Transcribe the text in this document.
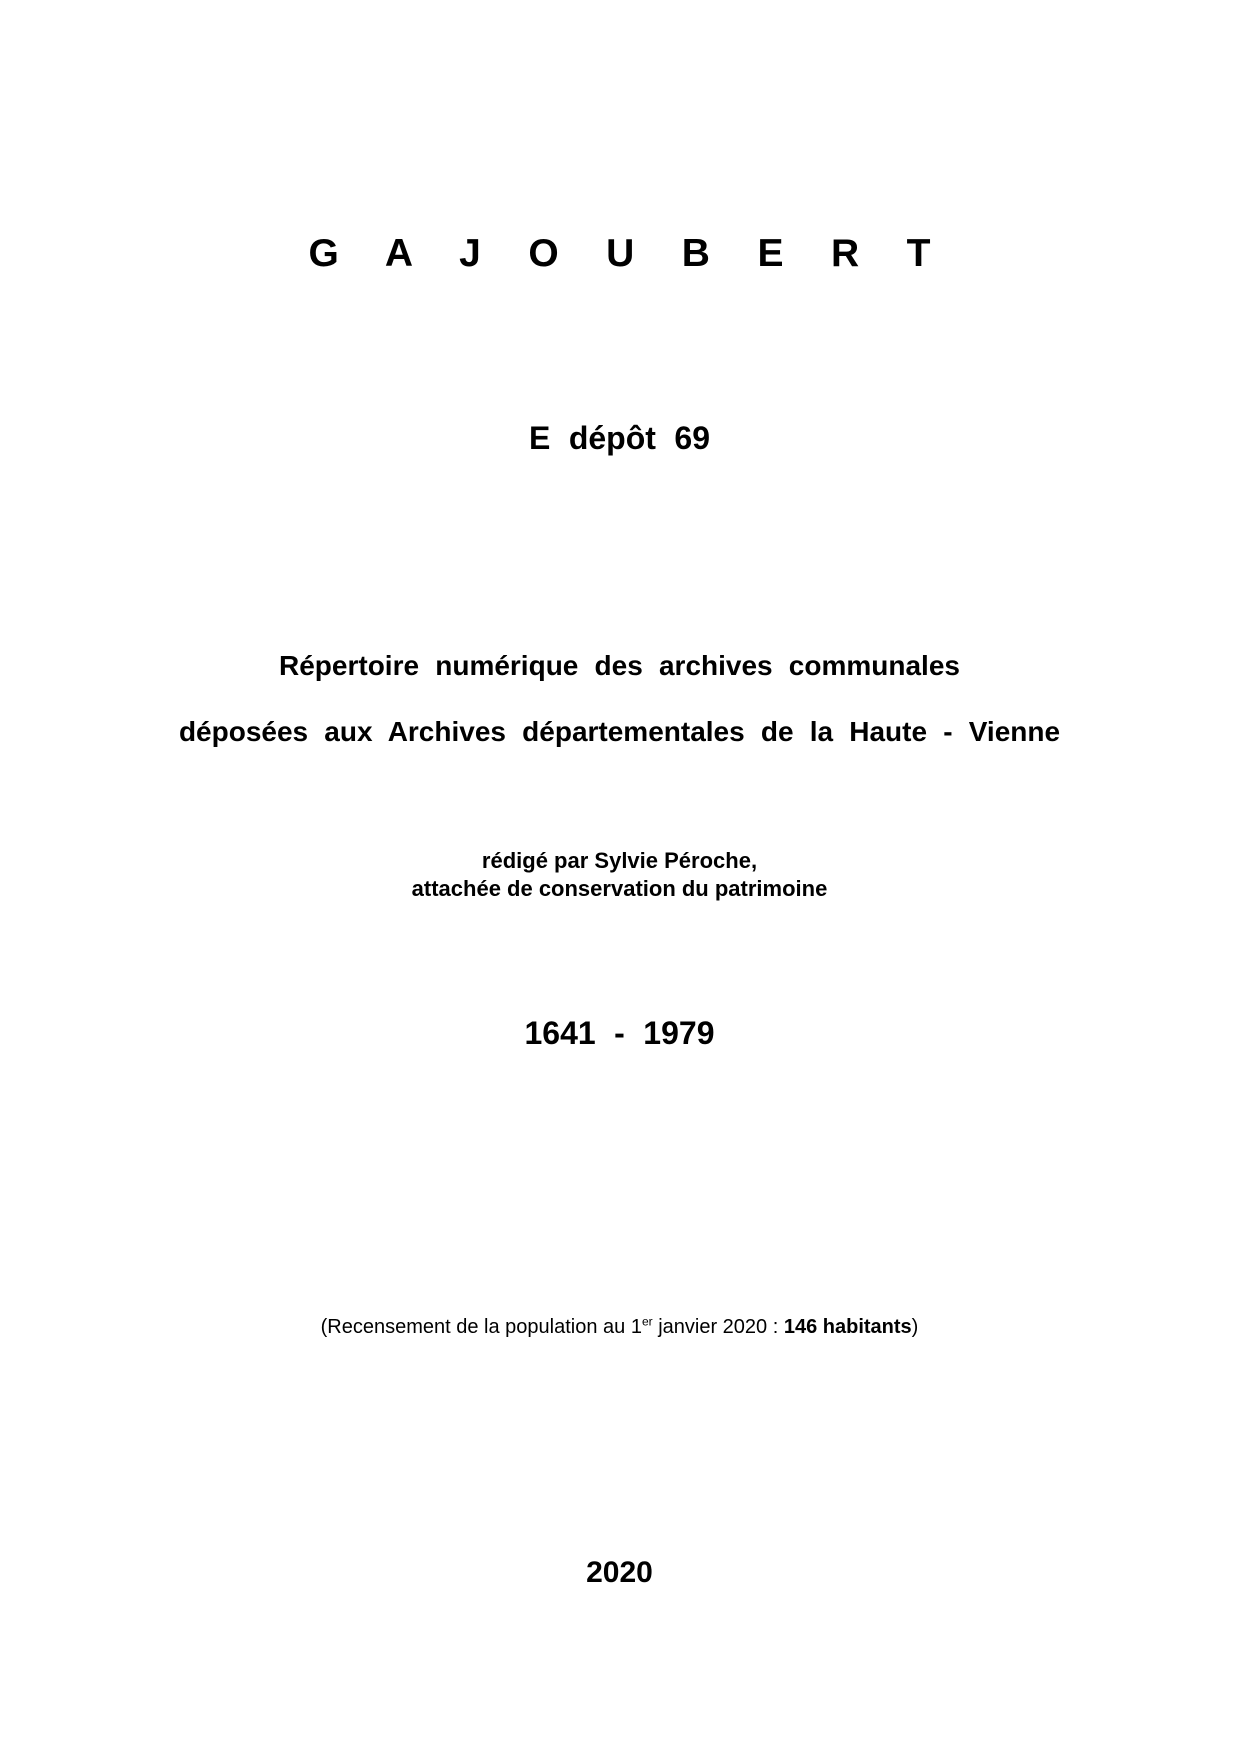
G A J O U B E R T
E dépôt 69
Répertoire numérique des archives communales
déposées aux Archives départementales de la Haute - Vienne
rédigé par Sylvie Péroche,
attachée de conservation du patrimoine
1641 - 1979
(Recensement de la population au 1er janvier 2020 : 146 habitants)
2020
